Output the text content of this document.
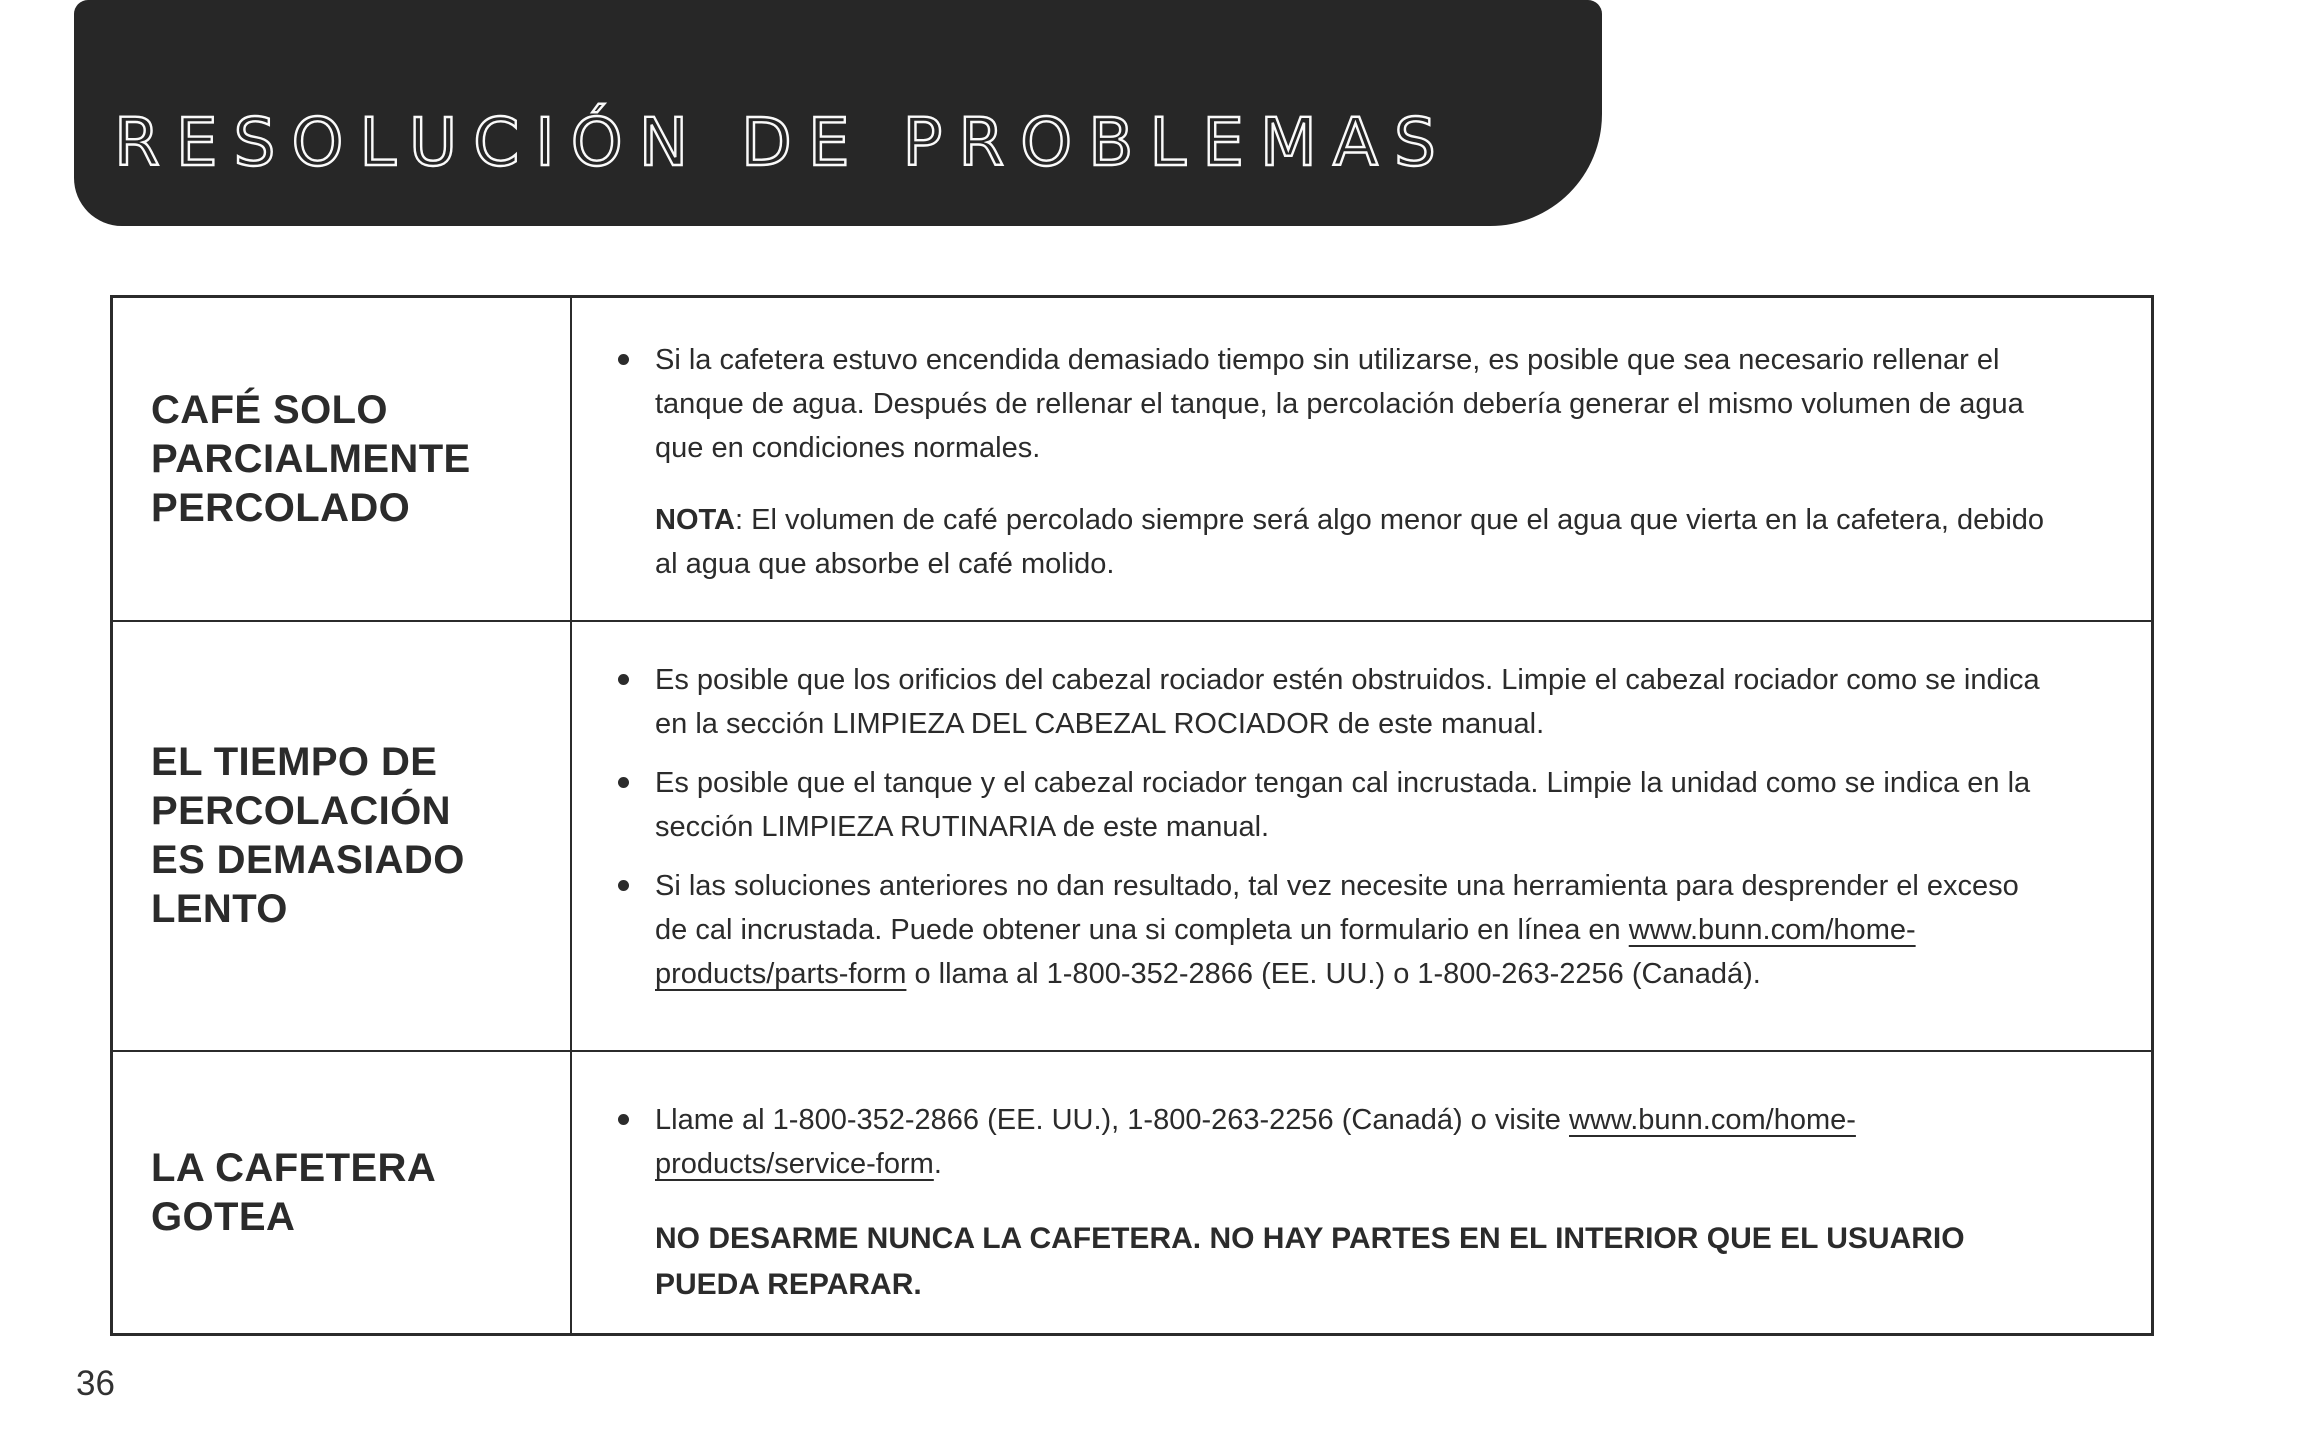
RESOLUCIÓN DE PROBLEMAS
CAFÉ SOLO
PARCIALMENTE
PERCOLADO
Si la cafetera estuvo encendida demasiado tiempo sin utilizarse, es posible que sea necesario rellenar el tanque de agua. Después de rellenar el tanque, la percolación debería generar el mismo volumen de agua que en condiciones normales.
NOTA: El volumen de café percolado siempre será algo menor que el agua que vierta en la cafetera, debido al agua que absorbe el café molido.
EL TIEMPO DE
PERCOLACIÓN
ES DEMASIADO
LENTO
Es posible que los orificios del cabezal rociador estén obstruidos. Limpie el cabezal rociador como se indica en la sección LIMPIEZA DEL CABEZAL ROCIADOR de este manual.
Es posible que el tanque y el cabezal rociador tengan cal incrustada. Limpie la unidad como se indica en la sección LIMPIEZA RUTINARIA de este manual.
Si las soluciones anteriores no dan resultado, tal vez necesite una herramienta para desprender el exceso de cal incrustada. Puede obtener una si completa un formulario en línea en www.bunn.com/home-products/parts-form o llama al 1-800-352-2866 (EE. UU.) o 1-800-263-2256 (Canadá).
LA CAFETERA
GOTEA
Llame al 1-800-352-2866 (EE. UU.), 1-800-263-2256 (Canadá) o visite www.bunn.com/home-products/service-form.
NO DESARME NUNCA LA CAFETERA. NO HAY PARTES EN EL INTERIOR QUE EL USUARIO PUEDA REPARAR.
36
